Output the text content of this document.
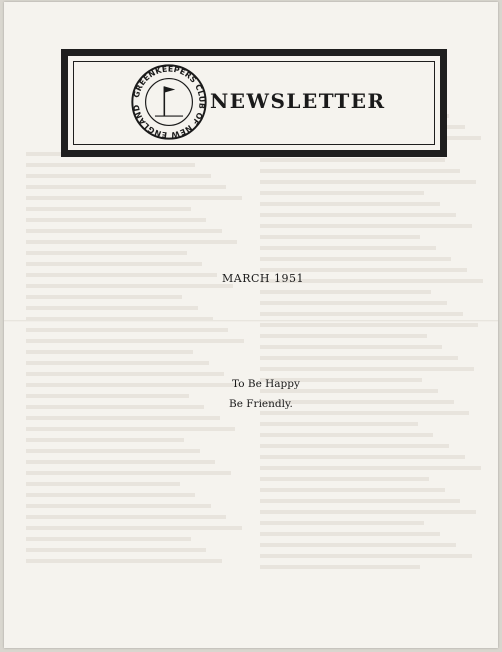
GREENKEEPERS CLUB OF NEW ENGLAND	NEWSLETTER
MARCH 1951
To Be Happy
Be Friendly.
